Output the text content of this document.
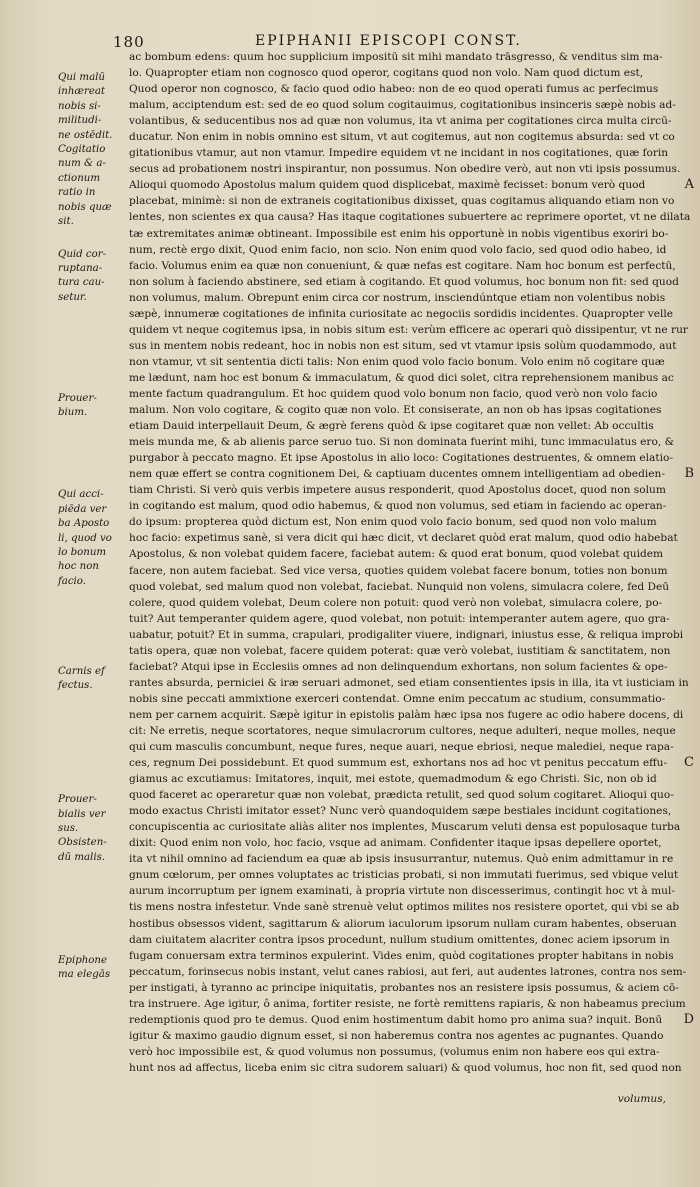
180	EPIPHANII EPISCOPI CONST.
Qui malū
inhæreat
nobis si-
militudi-
ne ostēdit.
Cogitatio
num & a-
ctionum
ratio in
nobis quæ
sit.
Quid cor-
ruptana-
tura cau-
setur.
Prouer-
bium.
Qui acci-
piēda ver
ba Aposto
li, quod vo
lo bonum
hoc non
facio.
Carnis ef
fectus.
Prouer-
bialis ver
sus.
Obsisten-
dū malis.
Epiphone
ma elegās
ac bombum edens: quum hoc supplicium impositū sit mihi mandato trāsgresso, & venditus sim ma-
lo. Quapropter etiam non cognosco quod operor, cogitans quod non volo. Nam quod dictum est,
Quod operor non cognosco, & facio quod odio habeo: non de eo quod operati fumus ac perfecimus
malum, acciptendum est: sed de eo quod solum cogitauimus, cogitationibus insinceris sæpè nobis ad-
volantibus, & seducentibus nos ad quæ non volumus, ita vt anima per cogitationes circa multa circū-
ducatur. Non enim in nobis omnino est situm, vt aut cogitemus, aut non cogitemus absurda: sed vt co
gitationibus vtamur, aut non vtamur. Impedire equidem vt ne incidant in nos cogitationes, quæ forin
secus ad probationem nostri inspirantur, non possumus. Non obedire verò, aut non vti ipsis possumus.
Alioqui quomodo Apostolus malum quidem quod displicebat, maximè fecisset: bonum verò quod
placebat, minimè: si non de extraneis cogitationibus dixisset, quas cogitamus aliquando etiam non vo
lentes, non scientes ex qua causa? Has itaque cogitationes subuertere ac reprimere oportet, vt ne dilata
tæ extremitates animæ obtineant. Impossibile est enim his opportunè in nobis vigentibus exoriri bo-
num, rectè ergo dixit, Quod enim facio, non scio. Non enim quod volo facio, sed quod odio habeo, id
facio. Volumus enim ea quæ non conueniunt, & quæ nefas est cogitare. Nam hoc bonum est perfectū,
non solum à faciendo abstinere, sed etiam à cogitando. Et quod volumus, hoc bonum non fit: sed quod
non volumus, malum. Obrepunt enim circa cor nostrum, insciendúntque etiam non volentibus nobis
sæpè, innumeræ cogitationes de infinita curiositate ac negociis sordidis incidentes. Quapropter velle
quidem vt neque cogitemus ipsa, in nobis situm est: verùm efficere ac operari quò dissipentur, vt ne rur
sus in mentem nobis redeant, hoc in nobis non est situm, sed vt vtamur ipsis solùm quodammodo, aut
non vtamur, vt sit sententia dicti talis: Non enim quod volo facio bonum. Volo enim nō cogitare quæ
me lædunt, nam hoc est bonum & immaculatum, & quod dici solet, citra reprehensionem manibus ac
mente factum quadrangulum. Et hoc quidem quod volo bonum non facio, quod verò non volo facio
malum. Non volo cogitare, & cogito quæ non volo. Et consiserate, an non ob has ipsas cogitationes
etiam Dauid interpellauit Deum, & ægrè ferens quòd & ipse cogitaret quæ non vellet: Ab occultis
meis munda me, & ab alienis parce seruo tuo. Si non dominata fuerint mihi, tunc immaculatus ero, &
purgabor à peccato magno. Et ipse Apostolus in alio loco: Cogitationes destruentes, & omnem elatio-
nem quæ effert se contra cognitionem Dei, & captiuam ducentes omnem intelligentiam ad obedien-
tiam Christi. Si verò quis verbis impetere ausus responderit, quod Apostolus docet, quod non solum
in cogitando est malum, quod odio habemus, & quod non volumus, sed etiam in faciendo ac operan-
do ipsum: propterea quòd dictum est, Non enim quod volo facio bonum, sed quod non volo malum
hoc facio: expetimus sanè, si vera dicit qui hæc dicit, vt declaret quòd erat malum, quod odio habebat
Apostolus, & non volebat quidem facere, faciebat autem: & quod erat bonum, quod volebat quidem
facere, non autem faciebat. Sed vice versa, quoties quidem volebat facere bonum, toties non bonum
quod volebat, sed malum quod non volebat, faciebat. Nunquid non volens, simulacra colere, fed Deū
colere, quod quidem volebat, Deum colere non potuit: quod verò non volebat, simulacra colere, po-
tuit? Aut temperanter quidem agere, quod volebat, non potuit: intemperanter autem agere, quo gra-
uabatur, potuit? Et in summa, crapulari, prodigaliter viuere, indignari, iniustus esse, & reliqua improbi
tatis opera, quæ non volebat, facere quidem poterat: quæ verò volebat, iustitiam & sanctitatem, non
faciebat? Atqui ipse in Ecclesiis omnes ad non delinquendum exhortans, non solum facientes & ope-
rantes absurda, perniciei & iræ seruari admonet, sed etiam consentientes ipsis in illa, ita vt iusticiam in
nobis sine peccati ammixtione exerceri contendat. Omne enim peccatum ac studium, consummatio-
nem per carnem acquirit. Sæpè igitur in epistolis palàm hæc ipsa nos fugere ac odio habere docens, di
cit: Ne erretis, neque scortatores, neque simulacrorum cultores, neque adulteri, neque molles, neque
qui cum masculis concumbunt, neque fures, neque auari, neque ebriosi, neque malediei, neque rapa-
ces, regnum Dei possidebunt. Et quod summum est, exhortans nos ad hoc vt penitus peccatum effu-
giamus ac excutiamus: Imitatores, inquit, mei estote, quemadmodum & ego Christi. Sic, non ob id
quod faceret ac operaretur quæ non volebat, prædicta retulit, sed quod solum cogitaret. Alioqui quo-
modo exactus Christi imitator esset? Nunc verò quandoquidem sæpe bestiales incidunt cogitationes,
concupiscentia ac curiositate aliàs aliter nos implentes, Muscarum veluti densa est populosaque turba
dixit: Quod enim non volo, hoc facio, vsque ad animam. Confidenter itaque ipsas depellere oportet,
ita vt nihil omnino ad faciendum ea quæ ab ipsis insusurrantur, nutemus. Quò enim admittamur in re
gnum cœlorum, per omnes voluptates ac tristicias probati, si non immutati fuerimus, sed vbique velut
aurum incorruptum per ignem examinati, à propria virtute non discesserimus, contingit hoc vt à mul-
tis mens nostra infestetur. Vnde sanè strenuè velut optimos milites nos resistere oportet, qui vbi se ab
hostibus obsessos vident, sagittarum & aliorum iaculorum ipsorum nullam curam habentes, obseruan
dam ciuitatem alacriter contra ipsos procedunt, nullum studium omittentes, donec aciem ipsorum in
fugam conuersam extra terminos expulerint. Vides enim, quòd cogitationes propter habitans in nobis
peccatum, forinsecus nobis instant, velut canes rabiosi, aut feri, aut audentes latrones, contra nos sem-
per instigati, à tyranno ac principe iniquitatis, probantes nos an resistere ipsis possumus, & aciem cō-
tra instruere. Age igitur, ô anima, fortiter resiste, ne fortè remittens rapiaris, & non habeamus precium
redemptionis quod pro te demus. Quod enim hostimentum dabit homo pro anima sua? inquit. Bonū
igitur & maximo gaudio dignum esset, si non haberemus contra nos agentes ac pugnantes. Quando
verò hoc impossibile est, & quod volumus non possumus, (volumus enim non habere eos qui extra-
hunt nos ad affectus, liceba enim sic citra sudorem saluari) & quod volumus, hoc non fit, sed quod non
A
B
C
D
volumus,
